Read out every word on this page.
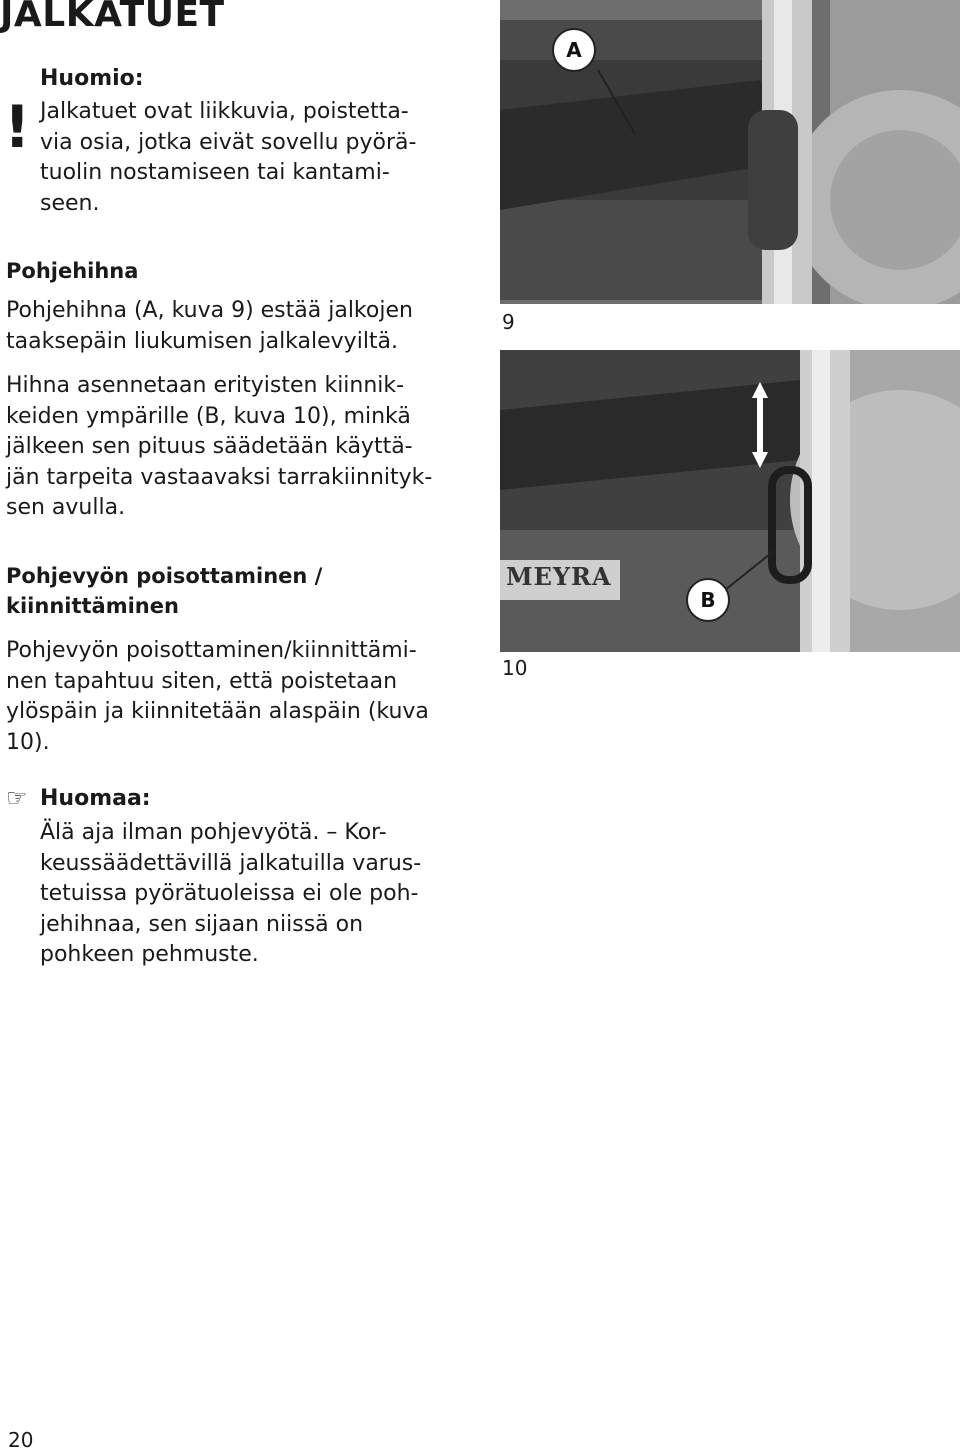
JALKATUET
!
Huomio:
Jalkatuet ovat liikkuvia, poistetta-
via osia, jotka eivät sovellu pyörä-
tuolin nostamiseen tai kantami-
seen.
Pohjehihna
Pohjehihna (A, kuva 9) estää jalkojen
taaksepäin liukumisen jalkalevyiltä.
Hihna asennetaan erityisten kiinnik-
keiden ympärille (B, kuva 10), minkä
jälkeen sen pituus säädetään käyttä-
jän tarpeita vastaavaksi tarrakiinnityk-
sen avulla.
Pohjevyön poisottaminen /
kiinnittäminen
Pohjevyön poisottaminen/kiinnittämi-
nen tapahtuu siten, että poistetaan
ylöspäin ja kiinnitetään alaspäin (kuva
10).
☞ Huomaa:
Älä aja ilman pohjevyötä. – Kor-
keussäädettävillä jalkatuilla varus-
tetuissa pyörätuoleissa ei ole poh-
jehihnaa, sen sijaan niissä on
pohkeen pehmuste.
A
9
MEYRA
B
10
20
